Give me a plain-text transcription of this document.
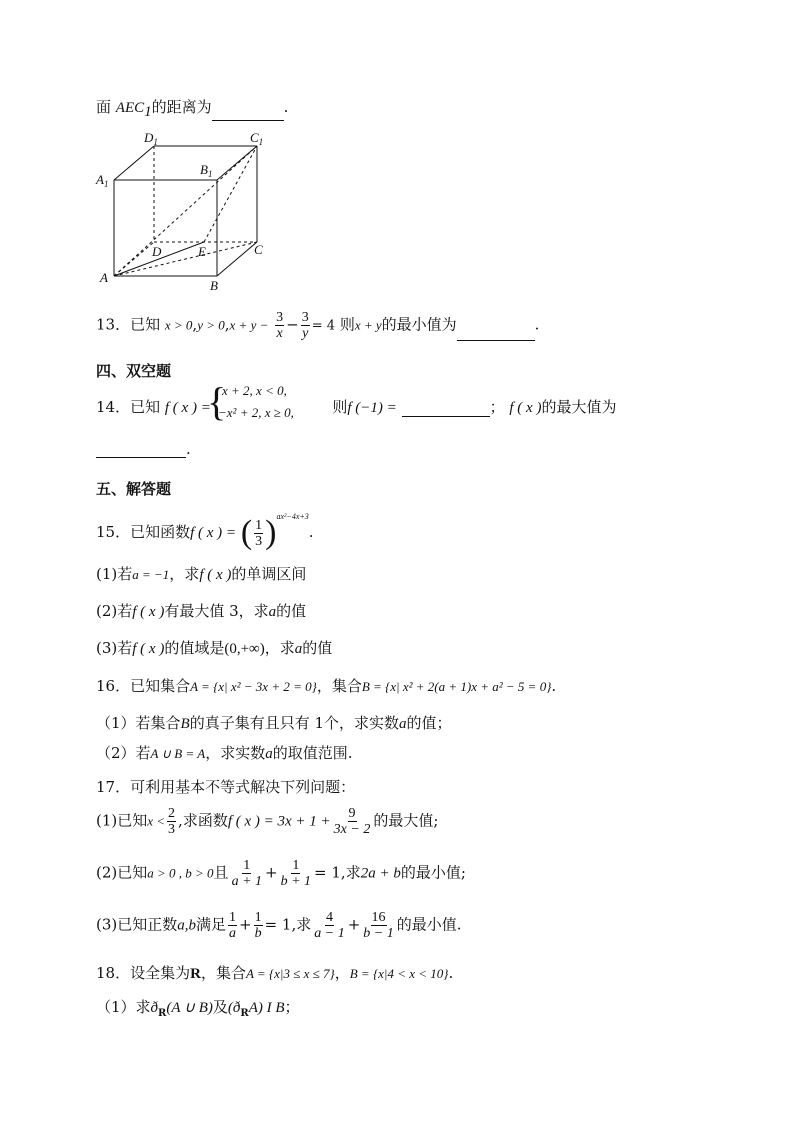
面 $AEC_1$的距离为	.
$D_1$	$C_1$
$A_1$
$B_1$
D	E	C
A
B
13．已知 $x > 0,y > 0,x + y - \frac{3}{x} - \frac{3}{y} = 4$ 则x + y的最小值为	.
四、双空题
14．已知 f ( x ) =	则f (−1) =	； f ( x )的最大值为
{
x + 2, x < 0,
−x² + 2, x ≥ 0,
.
五、解答题
15．已知函数f ( x ) = ( $\frac{1}{3} )^{ax^2-4x+3}$.
(1)若a = −1，求f ( x )的单调区间
(2)若f ( x )有最大值 3，求a的值
(3)若f ( x )的值域是(0,+∞)，求a的值
16．已知集合A = {x| x² − 3x + 2 = 0}，集合B = {x| x² + 2(a + 1)x + a² − 5 = 0}.
（1）若集合B的真子集有且只有 1个，求实数a的值；
（2）若A ∪ B = A，求实数a的取值范围.
17．可利用基本不等式解决下列问题：
(1)已知$x < \frac{2}{3}$ ,求函数f ( x ) = $3x + 1 + \frac{9}{3x - 2}$ 的最大值;
(2)已知a > 0 , b > 0且 $\frac{1}{a + 1} + \frac{1}{b + 1} = 1$,求2a + b的最小值;
(3)已知正数a,b满足 $\frac{1}{a} + \frac{1}{b} = 1$,求 $\frac{4}{a - 1} + \frac{16}{b - 1}$ 的最小值.
18．设全集为R，集合A = {x|3 ≤ x ≤ 7}，B = {x|4 < x < 10}.
（1）求$ð_R(A$ ∪ B)及$(ð_RA)$ I B；
